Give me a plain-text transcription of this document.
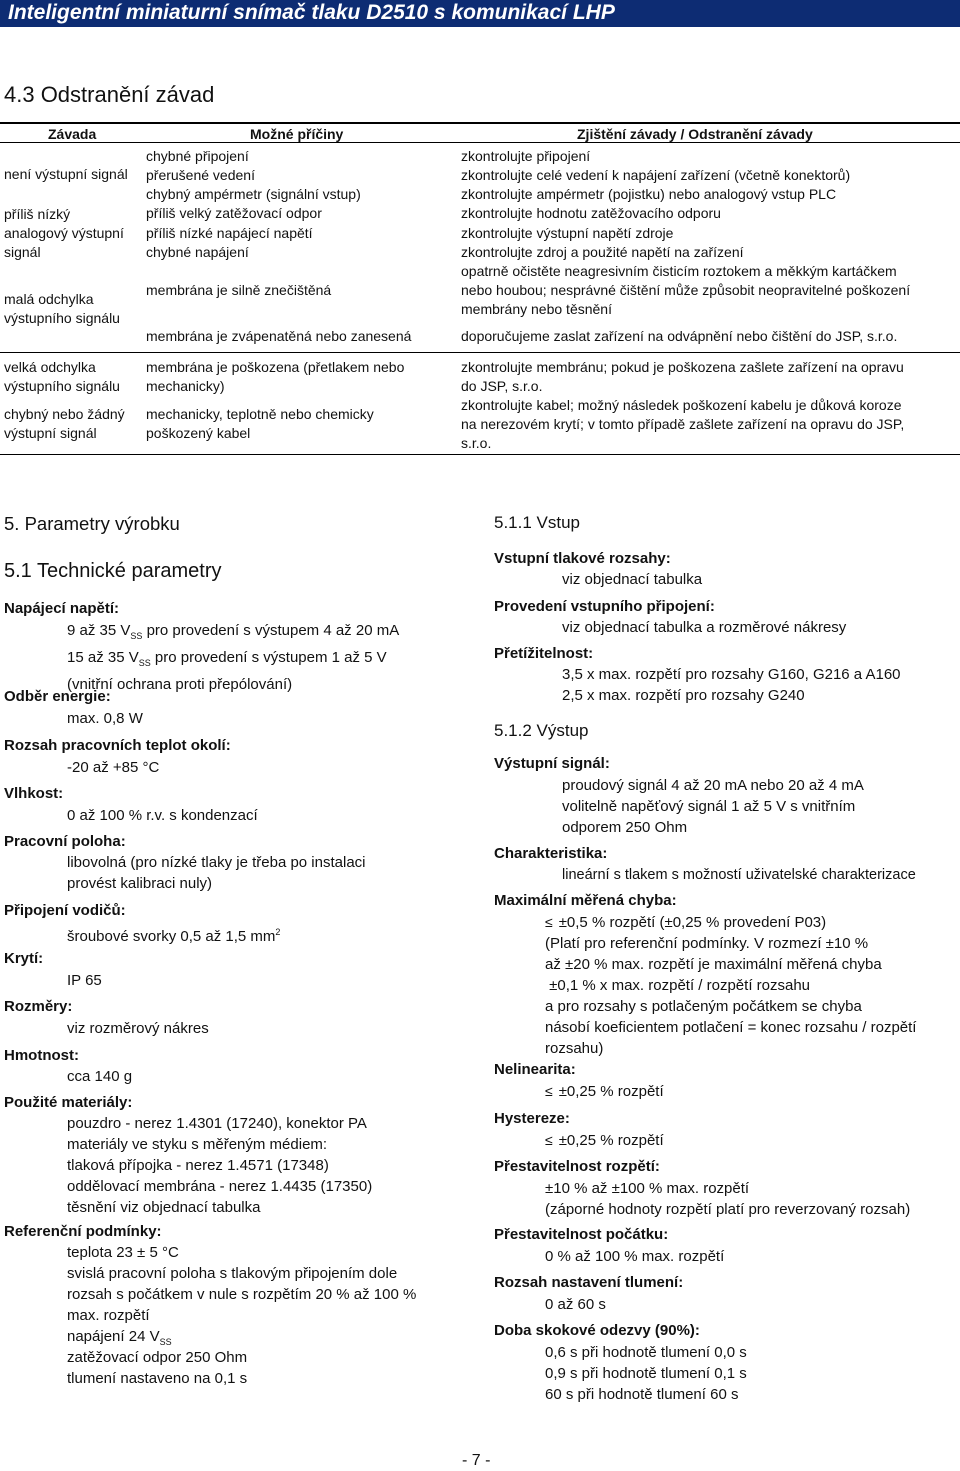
Inteligentní miniaturní snímač tlaku D2510 s komunikací LHP
4.3 Odstranění závad
Závada	Možné příčiny	Zjištění závady / Odstranění závady
není výstupní signál
příliš nízký
analogový výstupní
signál
malá odchylka
výstupního signálu
velká odchylka
výstupního signálu
chybný nebo žádný
výstupní signál
chybné připojení
přerušené vedení
chybný ampérmetr (signální vstup)
příliš velký zatěžovací odpor
příliš nízké napájecí napětí
chybné napájení
membrána je silně znečištěná
membrána je zvápenatěná nebo zanesená
membrána je poškozena (přetlakem nebo
mechanicky)
mechanicky, teplotně nebo chemicky
poškozený kabel
zkontrolujte připojení
zkontrolujte celé vedení k napájení zařízení (včetně konektorů)
zkontrolujte ampérmetr (pojistku) nebo analogový vstup PLC
zkontrolujte hodnotu zatěžovacího odporu
zkontrolujte výstupní napětí zdroje
zkontrolujte zdroj a použité napětí na zařízení
opatrně očistěte neagresivním čisticím roztokem a měkkým kartáčkem
nebo houbou; nesprávné čištění může způsobit neopravitelné poškození
membrány nebo těsnění
doporučujeme zaslat zařízení na odvápnění nebo čištění do JSP, s.r.o.
zkontrolujte membránu; pokud je poškozena zašlete zařízení na opravu
do JSP, s.r.o.
zkontrolujte kabel; možný následek poškození kabelu je důková koroze
na nerezovém krytí; v tomto případě zašlete zařízení na opravu do JSP,
s.r.o.
5. Parametry výrobku
5.1 Technické parametry
Napájecí napětí:
9 až 35 $V_{SS}$ pro provedení s výstupem 4 až 20 mA
15 až 35 $V_{SS}$ pro provedení s výstupem 1 až 5 V
(vnitřní ochrana proti přepólování)
Odběr energie:
max. 0,8 W
Rozsah pracovních teplot okolí:
-20 až +85 °C
Vlhkost:
0 až 100 % r.v. s kondenzací
Pracovní poloha:
libovolná (pro nízké tlaky je třeba po instalaci
provést kalibraci nuly)
Připojení vodičů:
šroubové svorky 0,5 až 1,5 $mm^2$
Krytí:
IP 65
Rozměry:
viz rozměrový nákres
Hmotnost:
cca 140 g
Použité materiály:
pouzdro - nerez 1.4301 (17240), konektor PA
materiály ve styku s měřeným médiem:
tlaková přípojka - nerez 1.4571 (17348)
oddělovací membrána - nerez 1.4435 (17350)
těsnění viz objednací tabulka
Referenční podmínky:
teplota 23 ± 5 °C
svislá pracovní poloha s tlakovým připojením dole
rozsah s počátkem v nule s rozpětím 20 % až 100 %
max. rozpětí
napájení 24 $V_{SS}$
zatěžovací odpor 250 Ohm
tlumení nastaveno na 0,1 s
5.1.1 Vstup
Vstupní tlakové rozsahy:
viz objednací tabulka
Provedení vstupního připojení:
viz objednací tabulka a rozměrové nákresy
Přetížitelnost:
3,5 x max. rozpětí pro rozsahy G160, G216 a A160
2,5 x max. rozpětí pro rozsahy G240
5.1.2 Výstup
Výstupní signál:
proudový signál 4 až 20 mA nebo 20 až 4 mA
volitelně napěťový signál 1 až 5 V s vnitřním
odporem 250 Ohm
Charakteristika:
lineární s tlakem s možností uživatelské charakterizace
Maximální měřená chyba:
≤ ±0,5 % rozpětí (±0,25 % provedení P03)
(Platí pro referenční podmínky. V rozmezí ±10 %
až ±20 % max. rozpětí je maximální měřená chyba
±0,1 % x max. rozpětí / rozpětí rozsahu
a pro rozsahy s potlačeným počátkem se chyba
násobí koeficientem potlačení = konec rozsahu / rozpětí
rozsahu)
Nelinearita:
≤ ±0,25 % rozpětí
Hystereze:
≤ ±0,25 % rozpětí
Přestavitelnost rozpětí:
±10 % až ±100 % max. rozpětí
(záporné hodnoty rozpětí platí pro reverzovaný rozsah)
Přestavitelnost počátku:
0 % až 100 % max. rozpětí
Rozsah nastavení tlumení:
0 až 60 s
Doba skokové odezvy (90%):
0,6 s při hodnotě tlumení 0,0 s
0,9 s při hodnotě tlumení 0,1 s
60 s při hodnotě tlumení 60 s
- 7 -
